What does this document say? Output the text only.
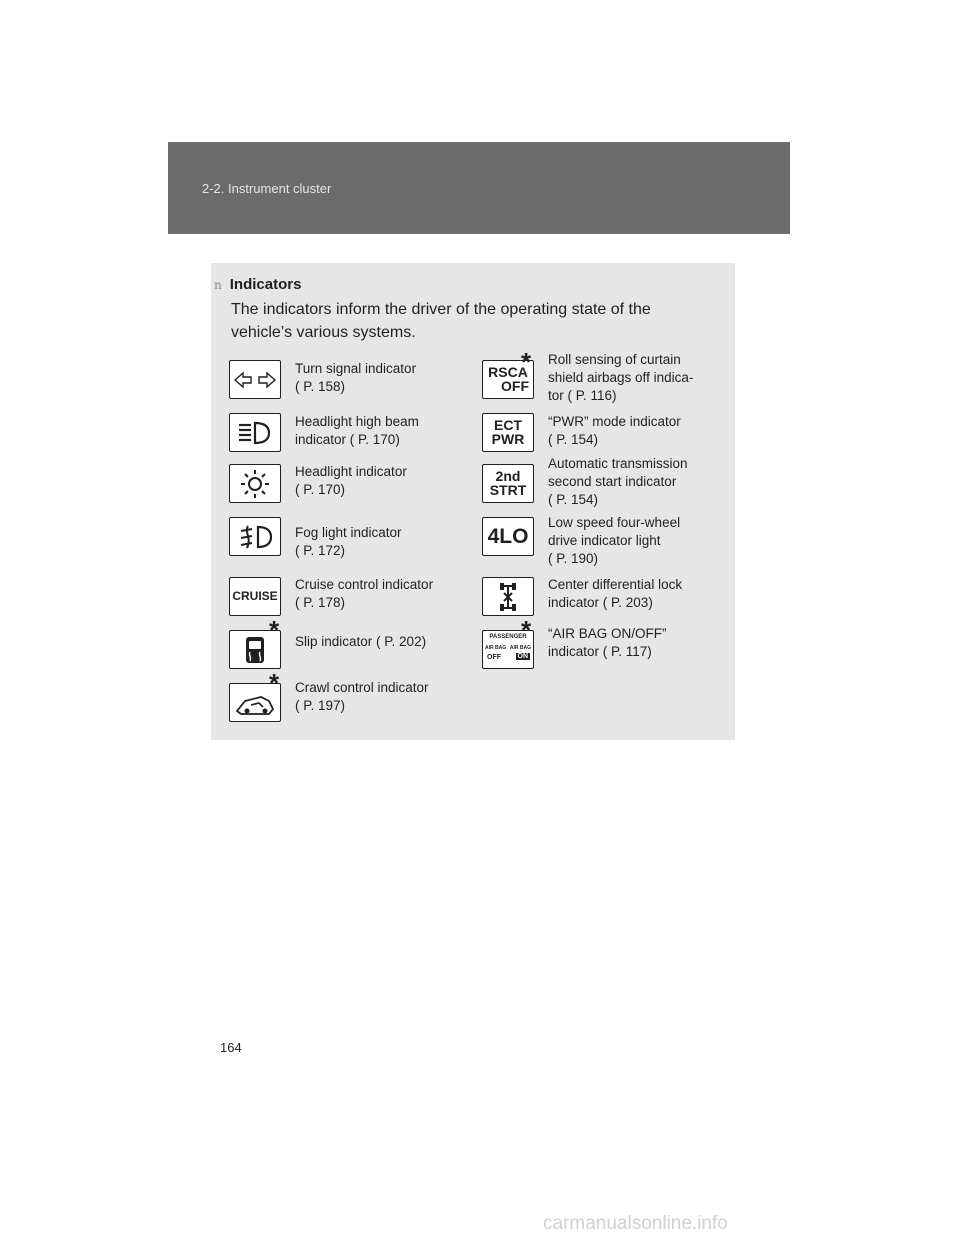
2-2. Instrument cluster
n Indicators
The indicators inform the driver of the operating state of the vehicle’s various systems.
Turn signal indicator
( P. 158)
Headlight high beam
indicator ( P. 170)
Headlight indicator
( P. 170)
Fog light indicator
( P. 172)
CRUISE
Cruise control indicator
( P. 178)
* Slip indicator ( P. 202)
* Crawl control indicator
( P. 197)
RSCA
OFF
* Roll sensing of curtain
shield airbags off indica-
tor ( P. 116)
ECT
PWR
“PWR” mode indicator
( P. 154)
2nd
STRT
Automatic transmission
second start indicator
( P. 154)
4LO
Low speed four-wheel
drive indicator light
( P. 190)
Center differential lock
indicator ( P. 203)
PASSENGER
AIR BAG AIR BAG
OFF ON
* “AIR BAG ON/OFF”
indicator ( P. 117)
164
carmanualsonline.info
